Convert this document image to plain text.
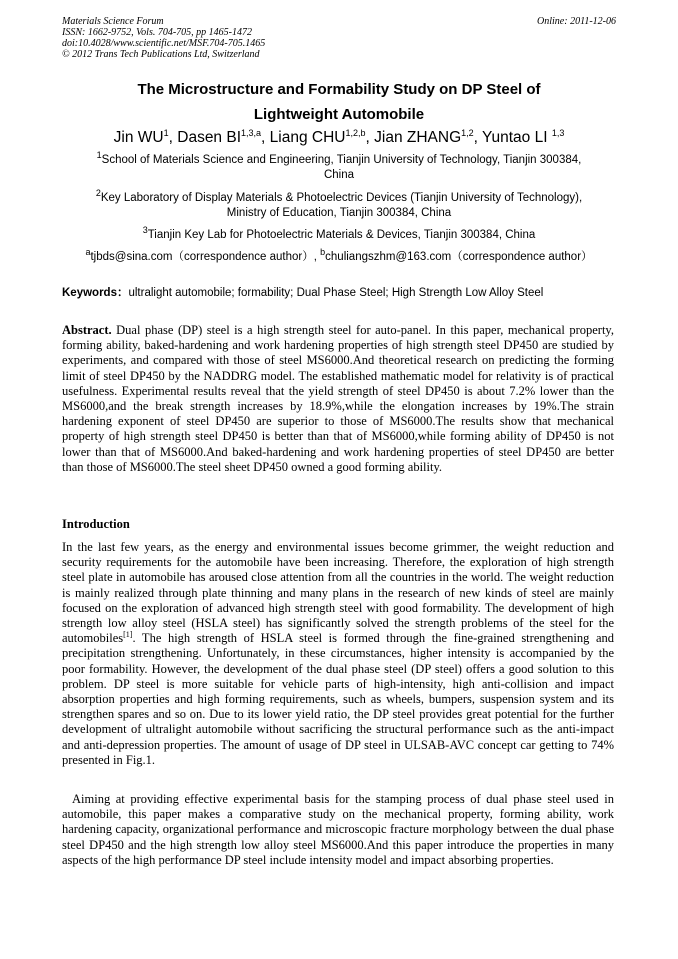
Materials Science Forum
ISSN: 1662-9752, Vols. 704-705, pp 1465-1472
doi:10.4028/www.scientific.net/MSF.704-705.1465
© 2012 Trans Tech Publications Ltd, Switzerland
Online: 2011-12-06
The Microstructure and Formability Study on DP Steel of
Lightweight Automobile
Jin $WU^1$, Dasen BI$^{1,3,a}$, Liang CHU$^{1,2,b}$, Jian ZHANG$^{1,2}$, Yuntao LI $^{1,3}$
$^1$School of Materials Science and Engineering, Tianjin University of Technology, Tianjin 300384,
China
$^2$Key Laboratory of Display Materials & Photoelectric Devices (Tianjin University of Technology),
Ministry of Education, Tianjin 300384, China
$^3$Tianjin Key Lab for Photoelectric Materials & Devices, Tianjin 300384, China
$^a$tjbds@sina.com（correspondence author）, $^b$chuliangszhm@163.com（correspondence author）
Keywords：ultralight automobile; formability; Dual Phase Steel; High Strength Low Alloy Steel

Abstract. Dual phase (DP) steel is a high strength steel for auto-panel. In this paper, mechanical property, forming ability, baked-hardening and work hardening properties of high strength steel DP450 are studied by experiments, and compared with those of steel MS6000.And theoretical research on predicting the forming limit of steel DP450 by the NADDRG model. The established mathematic model for relativity is of practical usefulness. Experimental results reveal that the yield strength of steel DP450 is about 7.2% lower than the MS6000,and the break strength increases by 18.9%,while the elongation increases by 19%.The strain hardening exponent of steel DP450 are superior to those of MS6000.The results show that mechanical property of high strength steel DP450 is better than that of MS6000,while forming ability of DP450 is not lower than that of MS6000.And baked-hardening and work hardening properties of steel DP450 are better than those of MS6000.The steel sheet DP450 owned a good forming ability.

Introduction

In the last few years, as the energy and environmental issues become grimmer, the weight reduction and security requirements for the automobile have been increasing. Therefore, the exploration of high strength steel plate in automobile has aroused close attention from all the countries in the world. The weight reduction is mainly realized through plate thinning and many plans in the research of new kinds of steel are mainly focused on the exploration of advanced high strength steel with good formability. The development of high strength low alloy steel (HSLA steel) has significantly solved the strength problems of the steel for the automobiles[1]. The high strength of HSLA steel is formed through the fine-grained strengthening and precipitation strengthening. Unfortunately, in these circumstances, higher intensity is accompanied by the poor formability. However, the development of the dual phase steel (DP steel) offers a good solution to this problem. DP steel is more suitable for vehicle parts of high-intensity, high anti-collision and impact absorption properties and high forming requirements, such as wheels, bumpers, suspension system and its strengthen spares and so on. Due to its lower yield ratio, the DP steel provides great potential for the further development of ultralight automobile without sacrificing the structural performance such as the anti-impact and anti-depression properties. The amount of usage of DP steel in ULSAB-AVC concept car getting to 74% presented in Fig.1.

Aiming at providing effective experimental basis for the stamping process of dual phase steel used in automobile, this paper makes a comparative study on the mechanical property, forming ability, work hardening capacity, organizational performance and microscopic fracture morphology between the dual phase steel DP450 and the high strength low alloy steel MS6000.And this paper introduce the properties in many aspects of the high performance DP steel include intensity model and impact absorbing properties.
